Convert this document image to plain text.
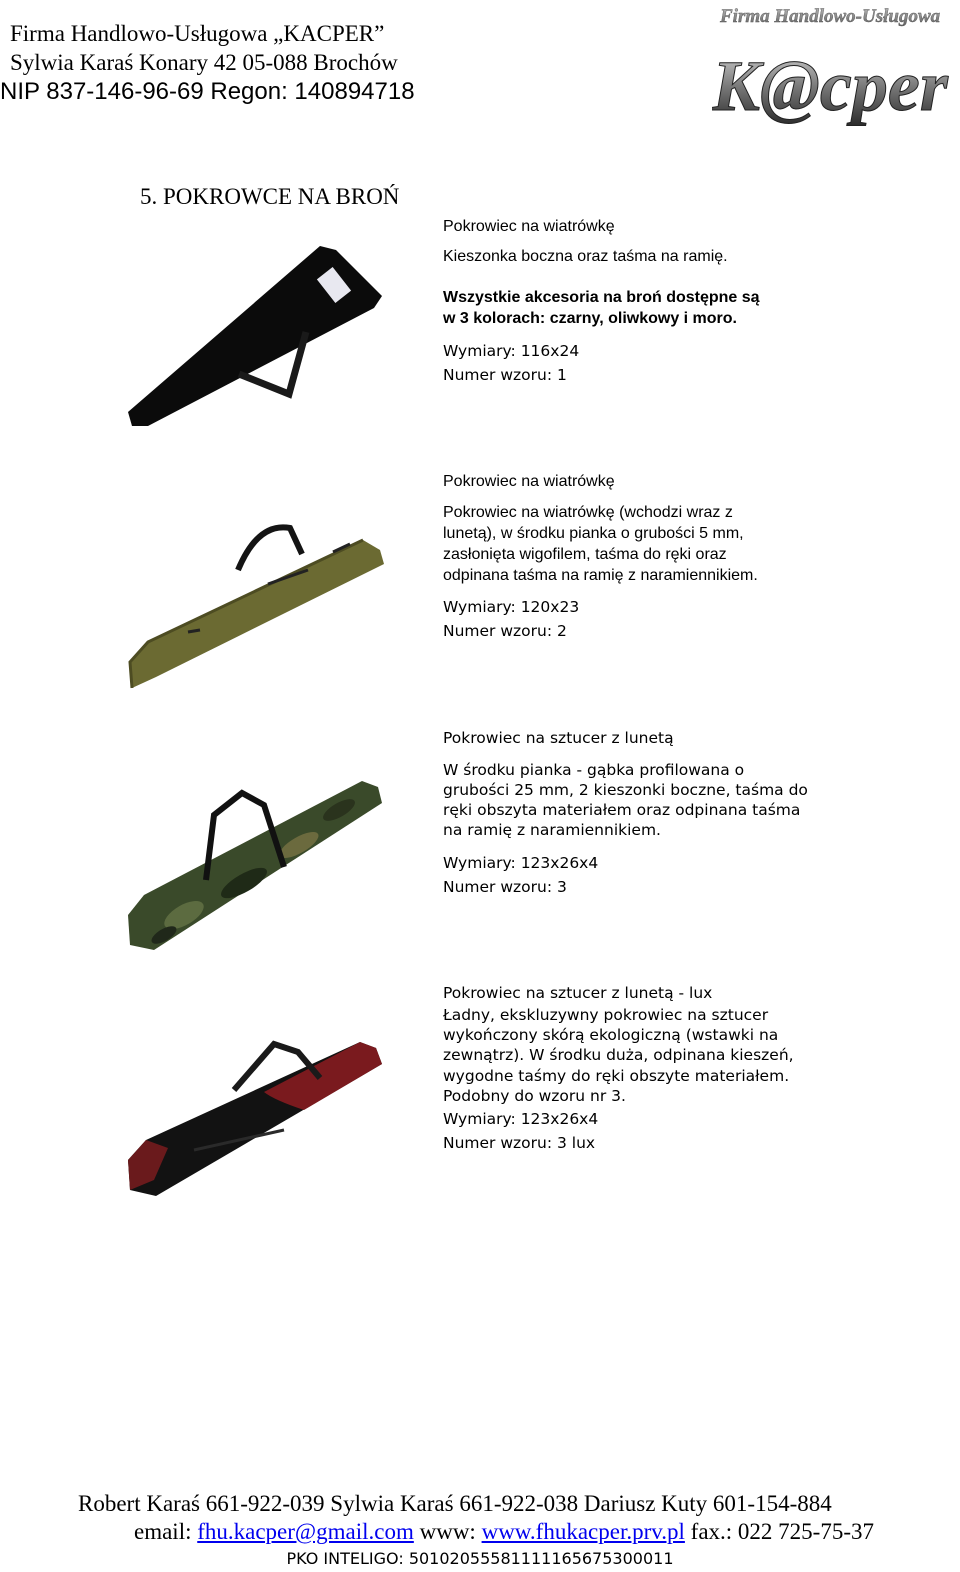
Firma Handlowo-Usługowa „KACPER”
Sylwia Karaś Konary 42 05-088 Brochów
NIP 837-146-96-69 Regon: 140894718
Firma Handlowo-Usługowa
K@cper
5. POKROWCE NA BROŃ
Pokrowiec na wiatrówkę
Kieszonka boczna oraz taśma na ramię.
Wszystkie akcesoria na broń dostępne są
w 3 kolorach: czarny, oliwkowy i moro.
Wymiary: 116x24
Numer wzoru: 1
Pokrowiec na wiatrówkę
Pokrowiec na wiatrówkę (wchodzi wraz z
lunetą), w środku pianka o grubości 5 mm,
zasłonięta wigofilem, taśma do ręki oraz
odpinana taśma na ramię z naramiennikiem.
Wymiary: 120x23
Numer wzoru: 2
Pokrowiec na sztucer z lunetą
W środku pianka - gąbka profilowana o
grubości 25 mm, 2 kieszonki boczne, taśma do
ręki obszyta materiałem oraz odpinana taśma
na ramię z naramiennikiem.
Wymiary: 123x26x4
Numer wzoru: 3
Pokrowiec na sztucer z lunetą - lux
Ładny, ekskluzywny pokrowiec na sztucer
wykończony skórą ekologiczną (wstawki na
zewnątrz). W środku duża, odpinana kieszeń,
wygodne taśmy do ręki obszyte materiałem.
Podobny do wzoru nr 3.
Wymiary: 123x26x4
Numer wzoru: 3 lux
Robert Karaś 661-922-039 Sylwia Karaś 661-922-038 Dariusz Kuty 601-154-884
email: fhu.kacper@gmail.com www: www.fhukacper.prv.pl fax.: 022 725-75-37
PKO INTELIGO: 50102055581111165675300011
